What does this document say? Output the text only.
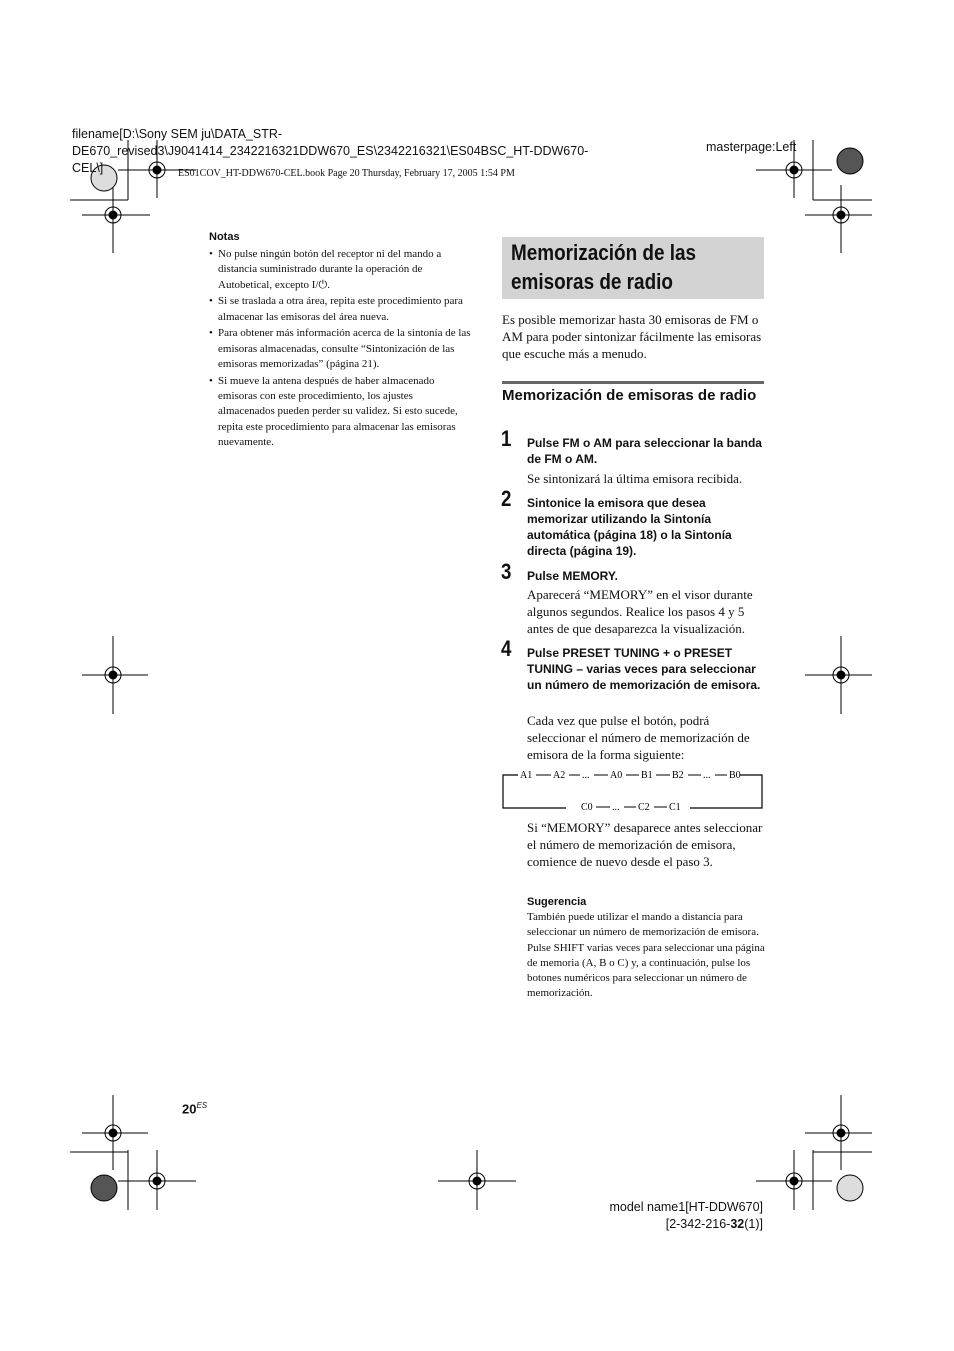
filename[D:\Sony SEM ju\DATA_STR-DE670_revised3\J9041414_2342216321DDW670_ES\2342216321\ES04BSC_HT-DDW670-CEL\]
masterpage:Left
ES01COV_HT-DDW670-CEL.book Page 20 Thursday, February 17, 2005 1:54 PM
Notas
• No pulse ningún botón del receptor ni del mando a distancia suministrado durante la operación de Autobetical, excepto I/⏻.
• Si se traslada a otra área, repita este procedimiento para almacenar las emisoras del área nueva.
• Para obtener más información acerca de la sintonía de las emisoras almacenadas, consulte “Sintonización de las emisoras memorizadas” (página 21).
• Si mueve la antena después de haber almacenado emisoras con este procedimiento, los ajustes almacenados pueden perder su validez. Si esto sucede, repita este procedimiento para almacenar las emisoras nuevamente.
Memorización de las emisoras de radio
Es posible memorizar hasta 30 emisoras de FM o AM para poder sintonizar fácilmente las emisoras que escuche más a menudo.
Memorización de emisoras de radio
1 Pulse FM o AM para seleccionar la banda de FM o AM.
Se sintonizará la última emisora recibida.
2 Sintonice la emisora que desea memorizar utilizando la Sintonía automática (página 18) o la Sintonía directa (página 19).
3 Pulse MEMORY.
Aparecerá “MEMORY” en el visor durante algunos segundos. Realice los pasos 4 y 5 antes de que desaparezca la visualización.
4 Pulse PRESET TUNING + o PRESET TUNING – varias veces para seleccionar un número de memorización de emisora.
Cada vez que pulse el botón, podrá seleccionar el número de memorización de emisora de la forma siguiente:
A1 A2 ... A0 B1 B2 ... B0
C0 ... C2 C1
Si “MEMORY” desaparece antes seleccionar el número de memorización de emisora, comience de nuevo desde el paso 3.
Sugerencia
También puede utilizar el mando a distancia para seleccionar un número de memorización de emisora. Pulse SHIFT varias veces para seleccionar una página de memoria (A, B o C) y, a continuación, pulse los botones numéricos para seleccionar un número de memorización.
$20^{ES}$
model name1[HT-DDW670]
[2-342-216-32(1)]
